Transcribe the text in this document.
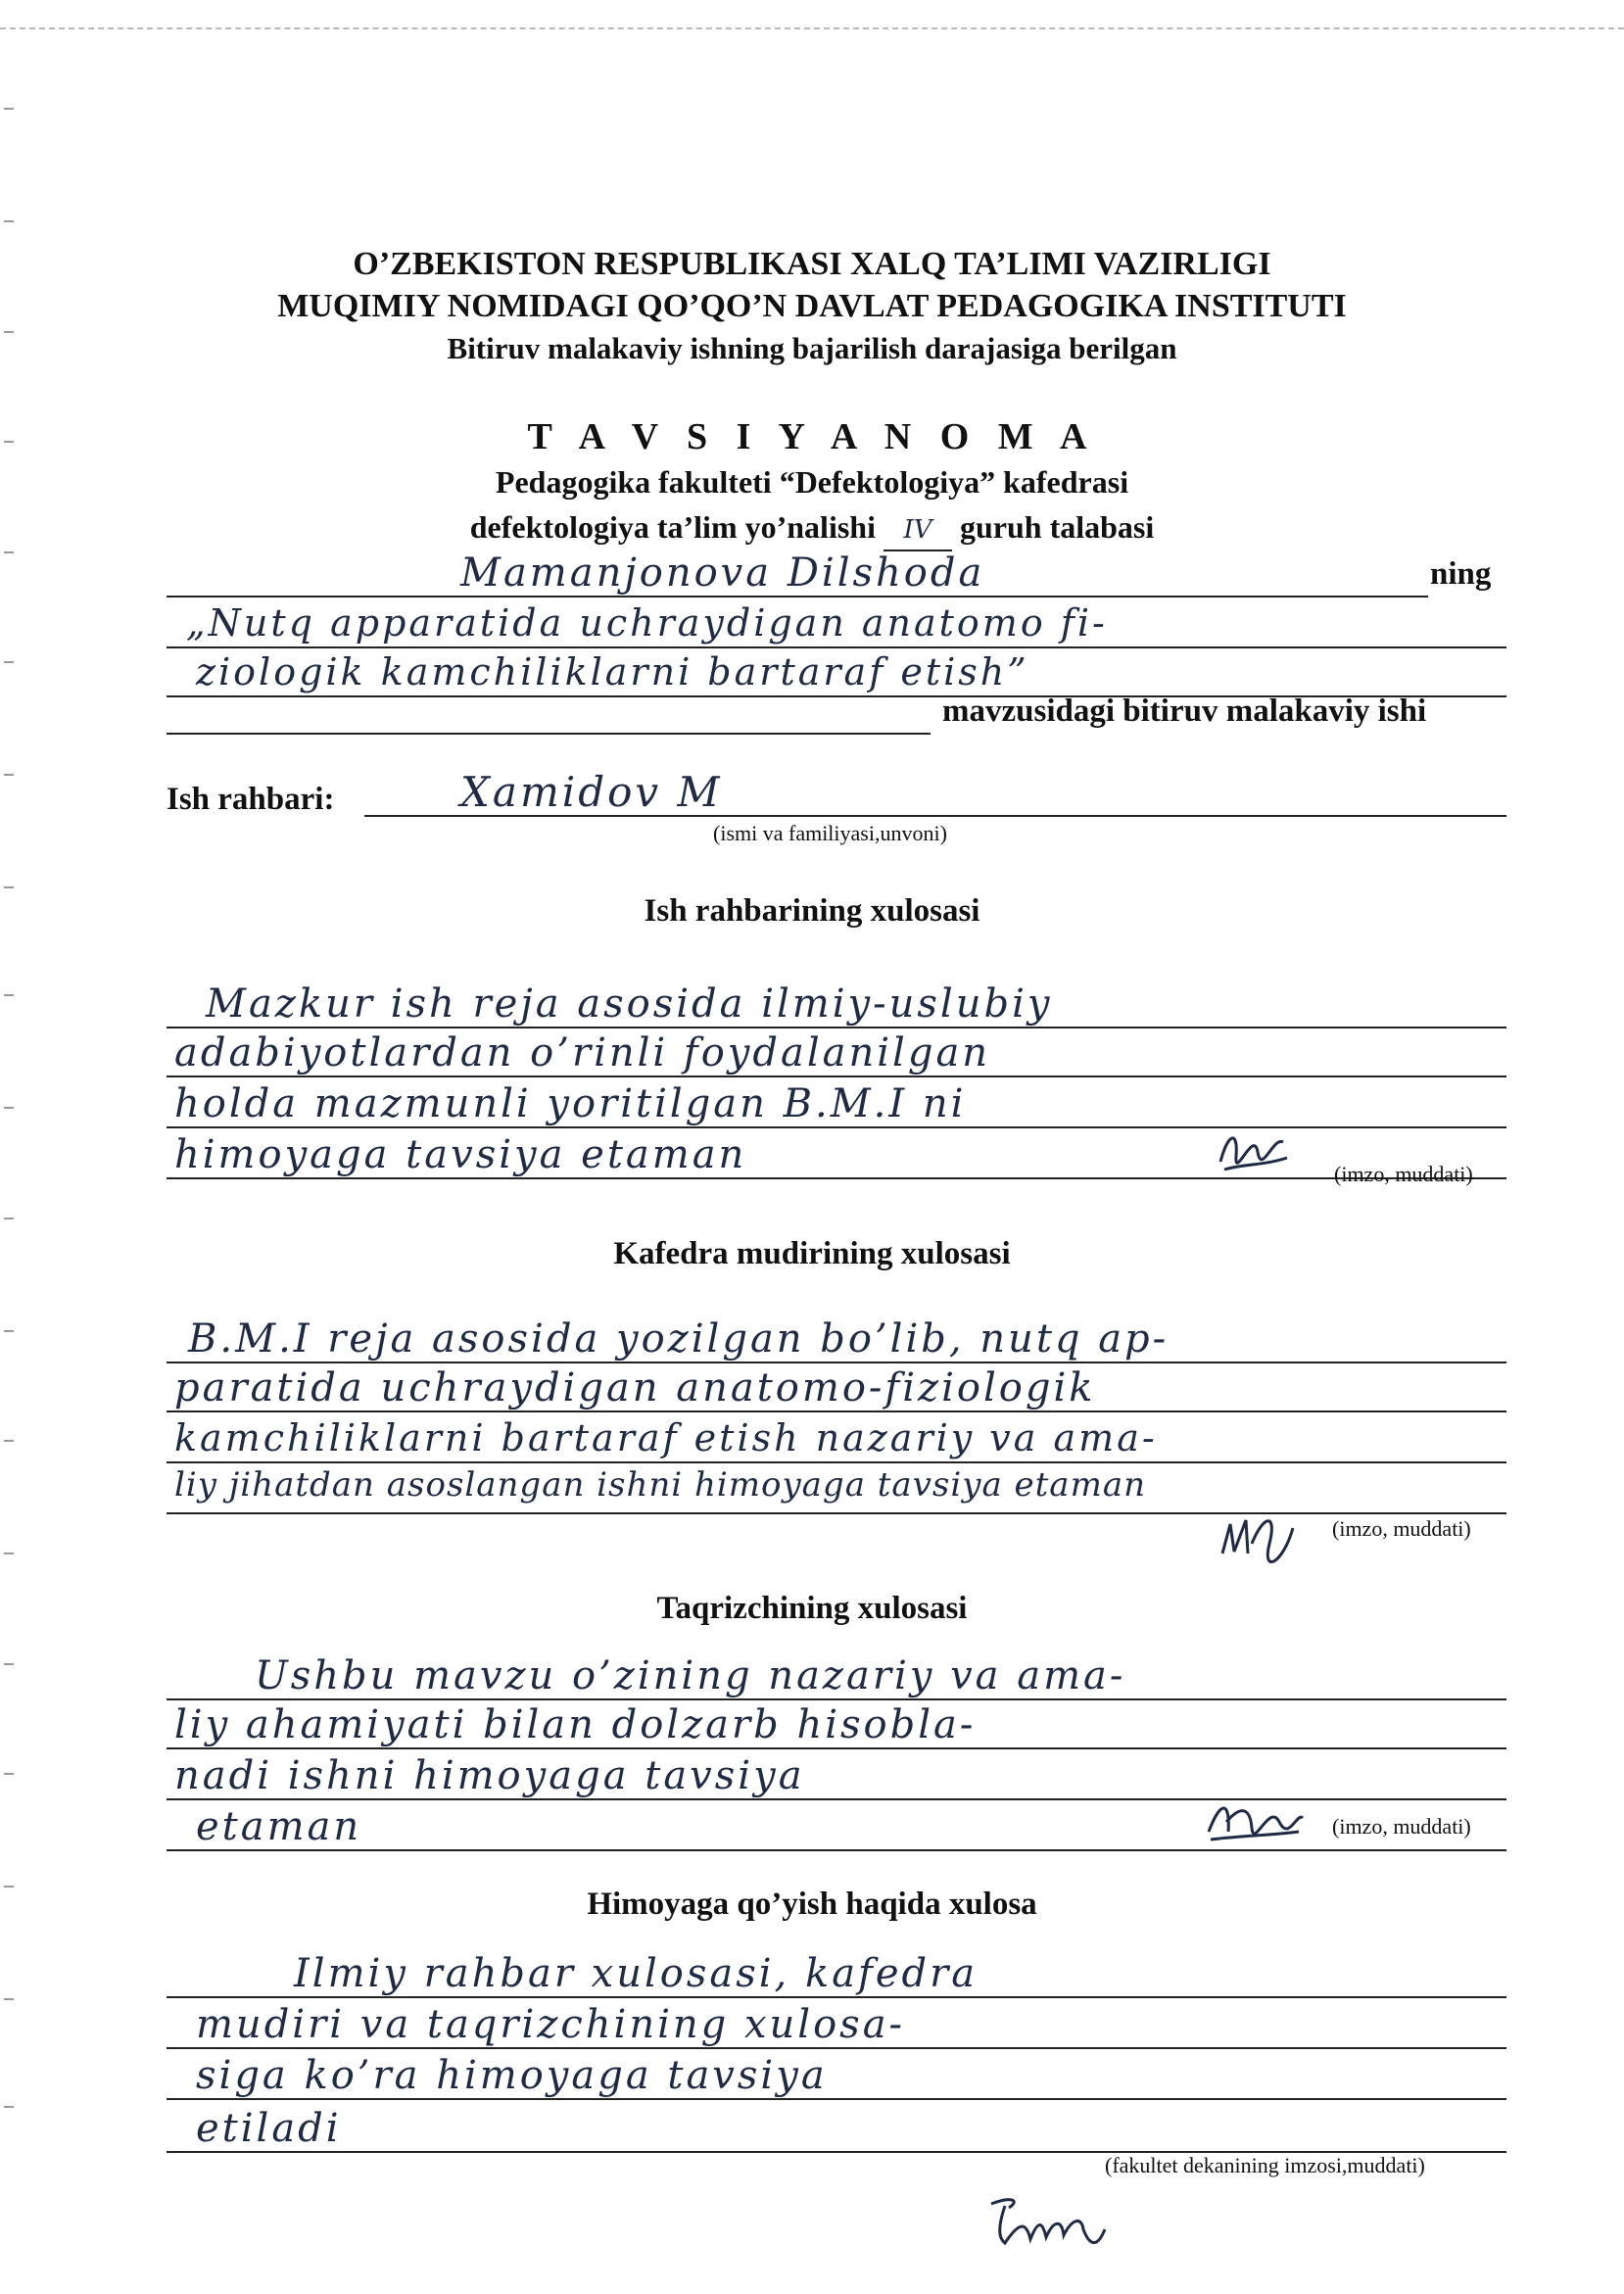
O’ZBEKISTON RESPUBLIKASI XALQ TA’LIMI VAZIRLIGI
MUQIMIY NOMIDAGI QO’QO’N DAVLAT PEDAGOGIKA INSTITUTI
Bitiruv malakaviy ishning bajarilish darajasiga berilgan
T A V S I Y A N O M A
Pedagogika fakulteti “Defektologiya” kafedrasi
defektologiya ta’lim yo’nalishi IV guruh talabasi
Mamanjonova Dilshoda	ning
„Nutq apparatida uchraydigan anatomo fi-
ziologik kamchiliklarni bartaraf etish”
mavzusidagi bitiruv malakaviy ishi
Ish rahbari:	Xamidov M
(ismi va familiyasi,unvoni)
Ish rahbarining xulosasi
Mazkur ish reja asosida ilmiy-uslubiy
adabiyotlardan o’rinli foydalanilgan
holda mazmunli yoritilgan B.M.I ni
himoyaga tavsiya etaman	(imzo, muddati)
Kafedra mudirining xulosasi
B.M.I reja asosida yozilgan bo’lib, nutq ap-
paratida uchraydigan anatomo-fiziologik
kamchiliklarni bartaraf etish nazariy va ama-
liy jihatdan asoslangan ishni himoyaga tavsiya etaman
(imzo, muddati)
Taqrizchining xulosasi
Ushbu mavzu o’zining nazariy va ama-
liy ahamiyati bilan dolzarb hisobla-
nadi ishni himoyaga tavsiya
etaman	(imzo, muddati)
Himoyaga qo’yish haqida xulosa
Ilmiy rahbar xulosasi, kafedra
mudiri va taqrizchining xulosa-
siga ko’ra himoyaga tavsiya
etiladi
(fakultet dekanining imzosi,muddati)
